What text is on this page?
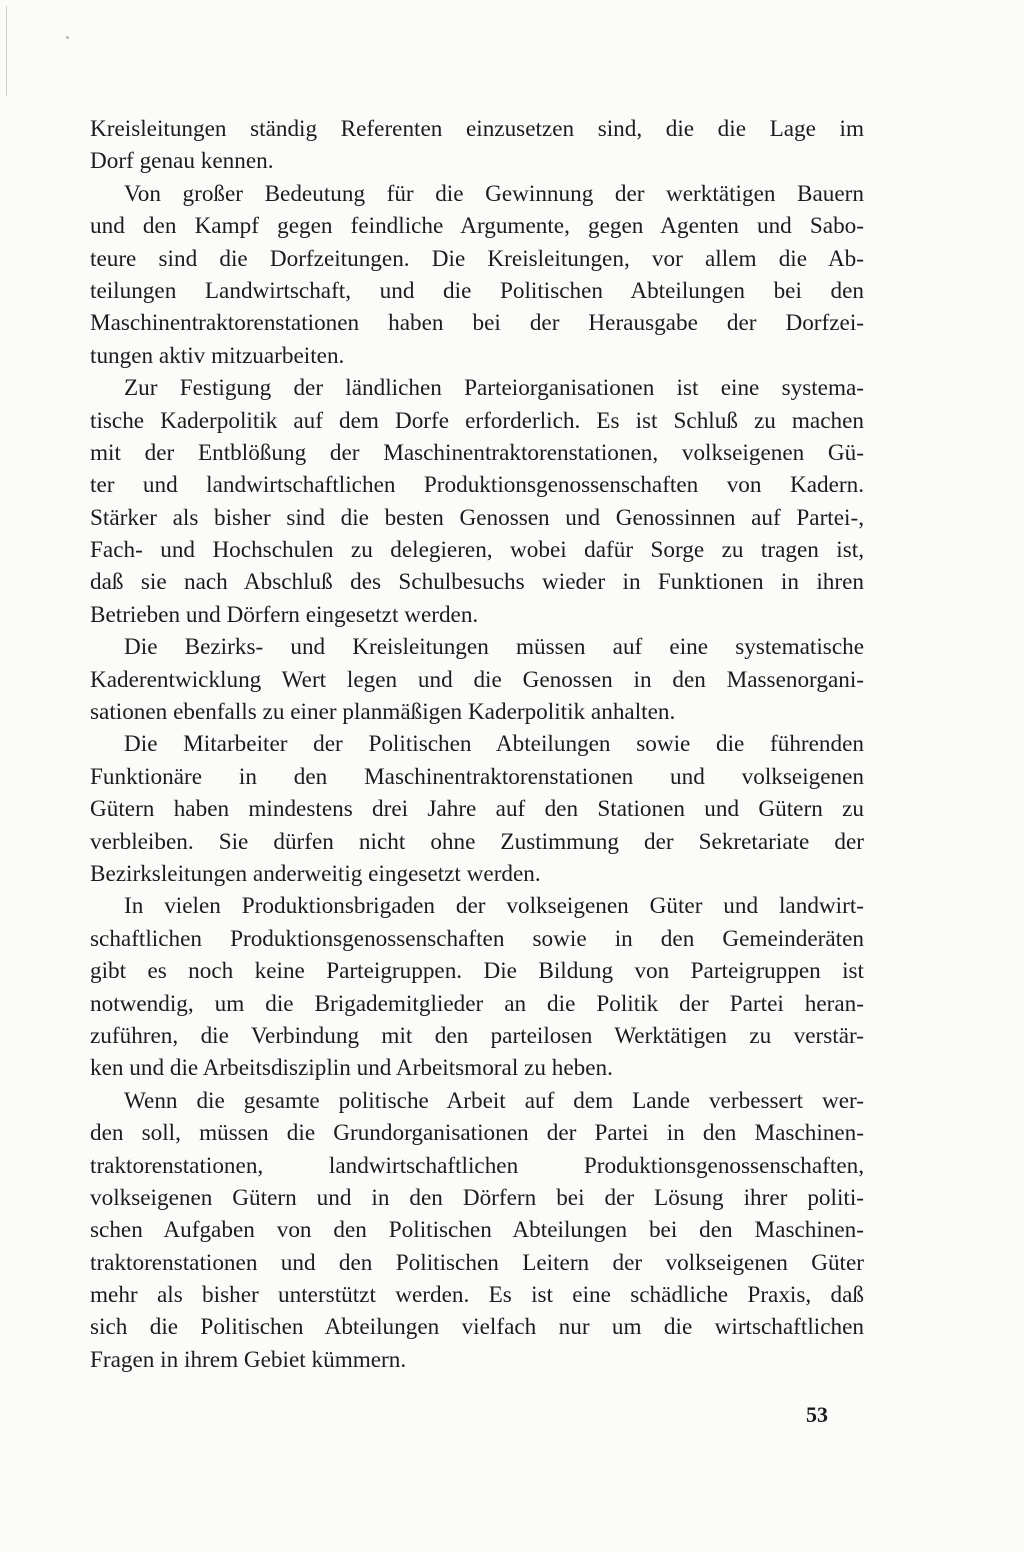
Kreisleitungen ständig Referenten einzusetzen sind, die die Lage im
Dorf genau kennen.
Von großer Bedeutung für die Gewinnung der werktätigen Bauern
und den Kampf gegen feindliche Argumente, gegen Agenten und Sabo-
teure sind die Dorfzeitungen. Die Kreisleitungen, vor allem die Ab-
teilungen Landwirtschaft, und die Politischen Abteilungen bei den
Maschinentraktorenstationen haben bei der Herausgabe der Dorfzei-
tungen aktiv mitzuarbeiten.
Zur Festigung der ländlichen Parteiorganisationen ist eine systema-
tische Kaderpolitik auf dem Dorfe erforderlich. Es ist Schluß zu machen
mit der Entblößung der Maschinentraktorenstationen, volkseigenen Gü-
ter und landwirtschaftlichen Produktionsgenossenschaften von Kadern.
Stärker als bisher sind die besten Genossen und Genossinnen auf Partei-,
Fach- und Hochschulen zu delegieren, wobei dafür Sorge zu tragen ist,
daß sie nach Abschluß des Schulbesuchs wieder in Funktionen in ihren
Betrieben und Dörfern eingesetzt werden.
Die Bezirks- und Kreisleitungen müssen auf eine systematische
Kaderentwicklung Wert legen und die Genossen in den Massenorgani-
sationen ebenfalls zu einer planmäßigen Kaderpolitik anhalten.
Die Mitarbeiter der Politischen Abteilungen sowie die führenden
Funktionäre in den Maschinentraktorenstationen und volkseigenen
Gütern haben mindestens drei Jahre auf den Stationen und Gütern zu
verbleiben. Sie dürfen nicht ohne Zustimmung der Sekretariate der
Bezirksleitungen anderweitig eingesetzt werden.
In vielen Produktionsbrigaden der volkseigenen Güter und landwirt-
schaftlichen Produktionsgenossenschaften sowie in den Gemeinderäten
gibt es noch keine Parteigruppen. Die Bildung von Parteigruppen ist
notwendig, um die Brigademitglieder an die Politik der Partei heran-
zuführen, die Verbindung mit den parteilosen Werktätigen zu verstär-
ken und die Arbeitsdisziplin und Arbeitsmoral zu heben.
Wenn die gesamte politische Arbeit auf dem Lande verbessert wer-
den soll, müssen die Grundorganisationen der Partei in den Maschinen-
traktorenstationen, landwirtschaftlichen Produktionsgenossenschaften,
volkseigenen Gütern und in den Dörfern bei der Lösung ihrer politi-
schen Aufgaben von den Politischen Abteilungen bei den Maschinen-
traktorenstationen und den Politischen Leitern der volkseigenen Güter
mehr als bisher unterstützt werden. Es ist eine schädliche Praxis, daß
sich die Politischen Abteilungen vielfach nur um die wirtschaftlichen
Fragen in ihrem Gebiet kümmern.
53
